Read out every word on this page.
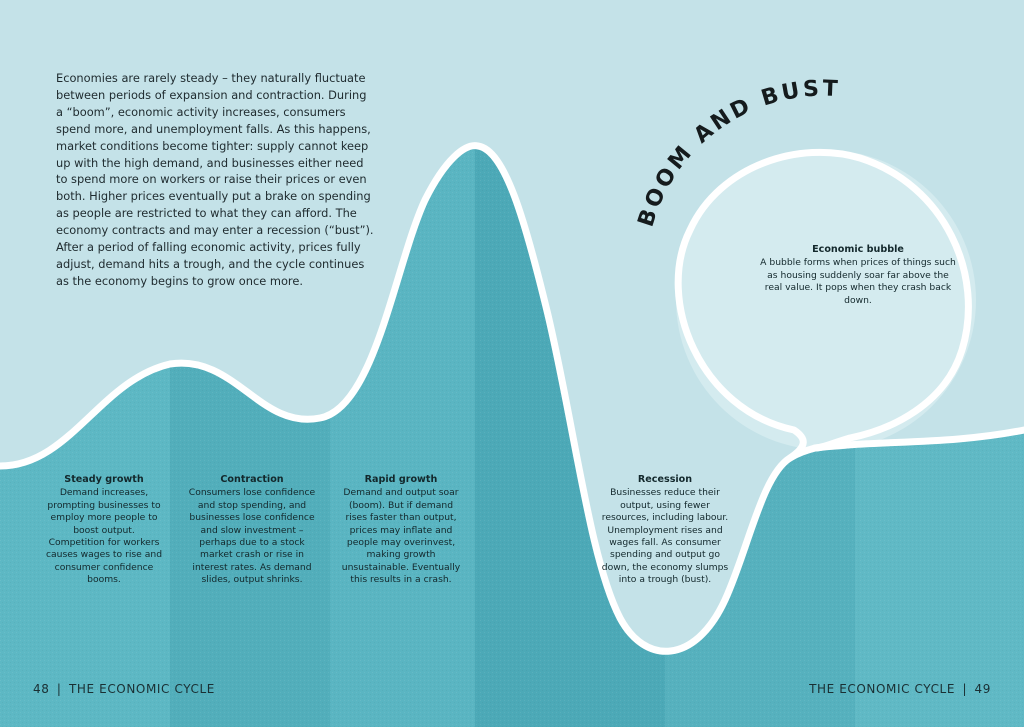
BOOM AND BUST

Economies are rarely steady – they naturally fluctuate between periods of expansion and contraction. During a “boom”, economic activity increases, consumers spend more, and unemployment falls. As this happens, market conditions become tighter: supply cannot keep up with the high demand, and businesses either need to spend more on workers or raise their prices or even both. Higher prices eventually put a brake on spending as people are restricted to what they can afford. The economy contracts and may enter a recession (“bust”). After a period of falling economic activity, prices fully adjust, demand hits a trough, and the cycle continues as the economy begins to grow once more.

Steady growth
Demand increases, prompting businesses to employ more people to boost output. Competition for workers causes wages to rise and consumer confidence booms.
Contraction
Consumers lose confidence and stop spending, and businesses lose confidence and slow investment – perhaps due to a stock market crash or rise in interest rates. As demand slides, output shrinks.
Rapid growth
Demand and output soar (boom). But if demand rises faster than output, prices may inflate and people may overinvest, making growth unsustainable. Eventually this results in a crash.
Recession
Businesses reduce their output, using fewer resources, including labour. Unemployment rises and wages fall. As consumer spending and output go down, the economy slumps into a trough (bust).
Economic bubble
A bubble forms when prices of things such as housing suddenly soar far above the real value. It pops when they crash back down.
48 | THE ECONOMIC CYCLE	THE ECONOMIC CYCLE | 49
